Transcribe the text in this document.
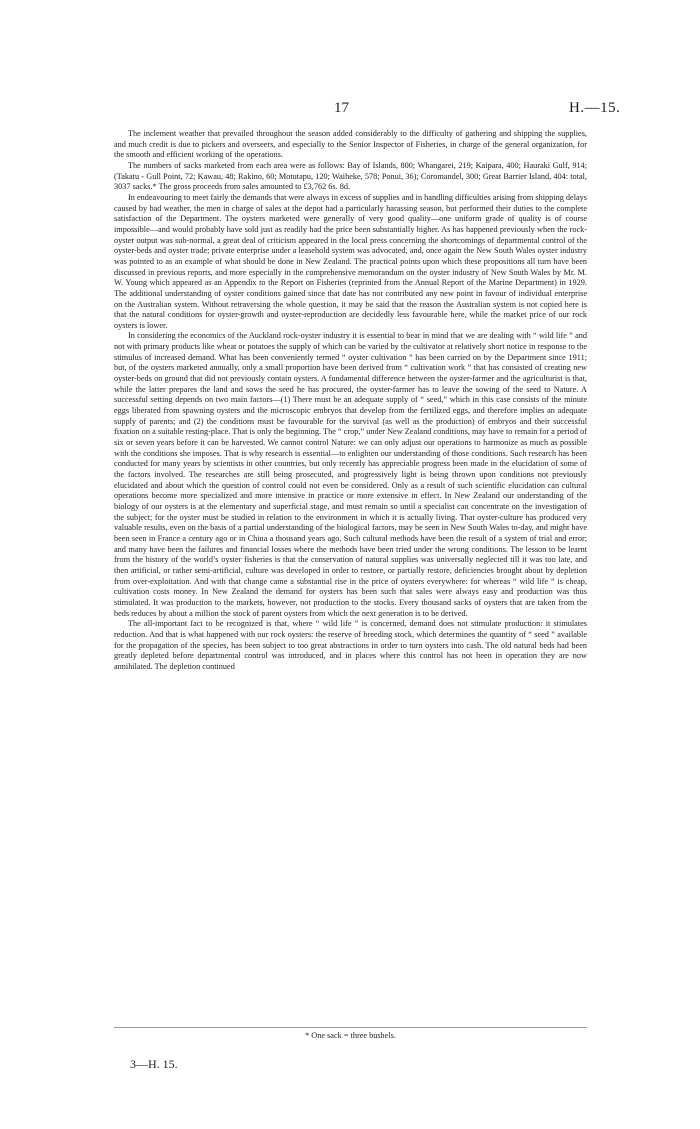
17	H.—15.

The inclement weather that prevailed throughout the season added considerably to the difficulty of gathering and shipping the supplies, and much credit is due to pickers and overseers, and especially to the Senior Inspector of Fisheries, in charge of the general organization, for the smooth and efficient working of the operations.

The numbers of sacks marketed from each area were as follows: Bay of Islands, 800; Whangarei, 219; Kaipara, 400; Hauraki Gulf, 914; (Takatu - Gull Point, 72; Kawau, 48; Rakino, 60; Motutapu, 120; Waiheke, 578; Ponui, 36); Coromandel, 300; Great Barrier Island, 404: total, 3037 sacks.* The gross proceeds from sales amounted to £3,762 6s. 8d.

In endeavouring to meet fairly the demands that were always in excess of supplies and in handling difficulties arising from shipping delays caused by bad weather, the men in charge of sales at the depot had a particularly harassing season, but performed their duties to the complete satisfaction of the Department. The oysters marketed were generally of very good quality—one uniform grade of quality is of course impossible—and would probably have sold just as readily had the price been substantially higher. As has happened previously when the rock-oyster output was sub-normal, a great deal of criticism appeared in the local press concerning the shortcomings of departmental control of the oyster-beds and oyster trade; private enterprise under a leasehold system was advocated, and, once again the New South Wales oyster industry was pointed to as an example of what should be done in New Zealand. The practical points upon which these propositions all turn have been discussed in previous reports, and more especially in the comprehensive memorandum on the oyster industry of New South Wales by Mr. M. W. Young which appeared as an Appendix to the Report on Fisheries (reprinted from the Annual Report of the Marine Department) in 1929. The additional understanding of oyster conditions gained since that date has not contributed any new point in favour of individual enterprise on the Australian system. Without retraversing the whole question, it may be said that the reason the Australian system is not copied here is that the natural conditions for oyster-growth and oyster-reproduction are decidedly less favourable here, while the market price of our rock oysters is lower.

In considering the economics of the Auckland rock-oyster industry it is essential to bear in mind that we are dealing with “ wild life ” and not with primary products like wheat or potatoes the supply of which can be varied by the cultivator at relatively short notice in response to the stimulus of increased demand. What has been conveniently termed “ oyster cultivation ” has been carried on by the Department since 1911; but, of the oysters marketed annually, only a small proportion have been derived from “ cultivation work ” that has consisted of creating new oyster-beds on ground that did not previously contain oysters. A fundamental difference between the oyster-farmer and the agriculturist is that, while the latter prepares the land and sows the seed he has procured, the oyster-farmer has to leave the sowing of the seed to Nature. A successful setting depends on two main factors—(1) There must be an adequate supply of “ seed,” which in this case consists of the minute eggs liberated from spawning oysters and the microscopic embryos that develop from the fertilized eggs, and therefore implies an adequate supply of parents; and (2) the conditions must be favourable for the survival (as well as the production) of embryos and their successful fixation on a suitable resting-place. That is only the beginning. The “ crop,” under New Zealand conditions, may have to remain for a period of six or seven years before it can be harvested. We cannot control Nature: we can only adjust our operations to harmonize as much as possible with the conditions she imposes. That is why research is essential—to enlighten our understanding of those conditions. Such research has been conducted for many years by scientists in other countries, but only recently has appreciable progress been made in the elucidation of some of the factors involved. The researches are still being prosecuted, and progressively light is being thrown upon conditions not previously elucidated and about which the question of control could not even be considered. Only as a result of such scientific elucidation can cultural operations become more specialized and more intensive in practice or more extensive in effect. In New Zealand our understanding of the biology of our oysters is at the elementary and superficial stage, and must remain so until a specialist can concentrate on the investigation of the subject; for the oyster must be studied in relation to the environment in which it is actually living. That oyster-culture has produced very valuable results, even on the basis of a partial understanding of the biological factors, may be seen in New South Wales to-day, and might have been seen in France a century ago or in China a thousand years ago. Such cultural methods have been the result of a system of trial and error; and many have been the failures and financial losses where the methods have been tried under the wrong conditions. The lesson to be learnt from the history of the world’s oyster fisheries is that the conservation of natural supplies was universally neglected till it was too late, and then artificial, or rather semi-artificial, culture was developed in order to restore, or partially restore, deficiencies brought about by depletion from over-exploitation. And with that change came a substantial rise in the price of oysters everywhere: for whereas “ wild life ” is cheap, cultivation costs money. In New Zealand the demand for oysters has been such that sales were always easy and production was thus stimulated. It was production to the markets, however, not production to the stocks. Every thousand sacks of oysters that are taken from the beds reduces by about a million the stock of parent oysters from which the next generation is to be derived.

The all-important fact to be recognized is that, where “ wild life ” is concerned, demand does not stimulate production: it stimulates reduction. And that is what happened with our rock oysters: the reserve of breeding stock, which determines the quantity of “ seed ” available for the propagation of the species, has been subject to too great abstractions in order to turn oysters into cash. The old natural beds had been greatly depleted before departmental control was introduced, and in places where this control has not been in operation they are now annihilated. The depletion continued

* One sack = three bushels.
3—H. 15.
